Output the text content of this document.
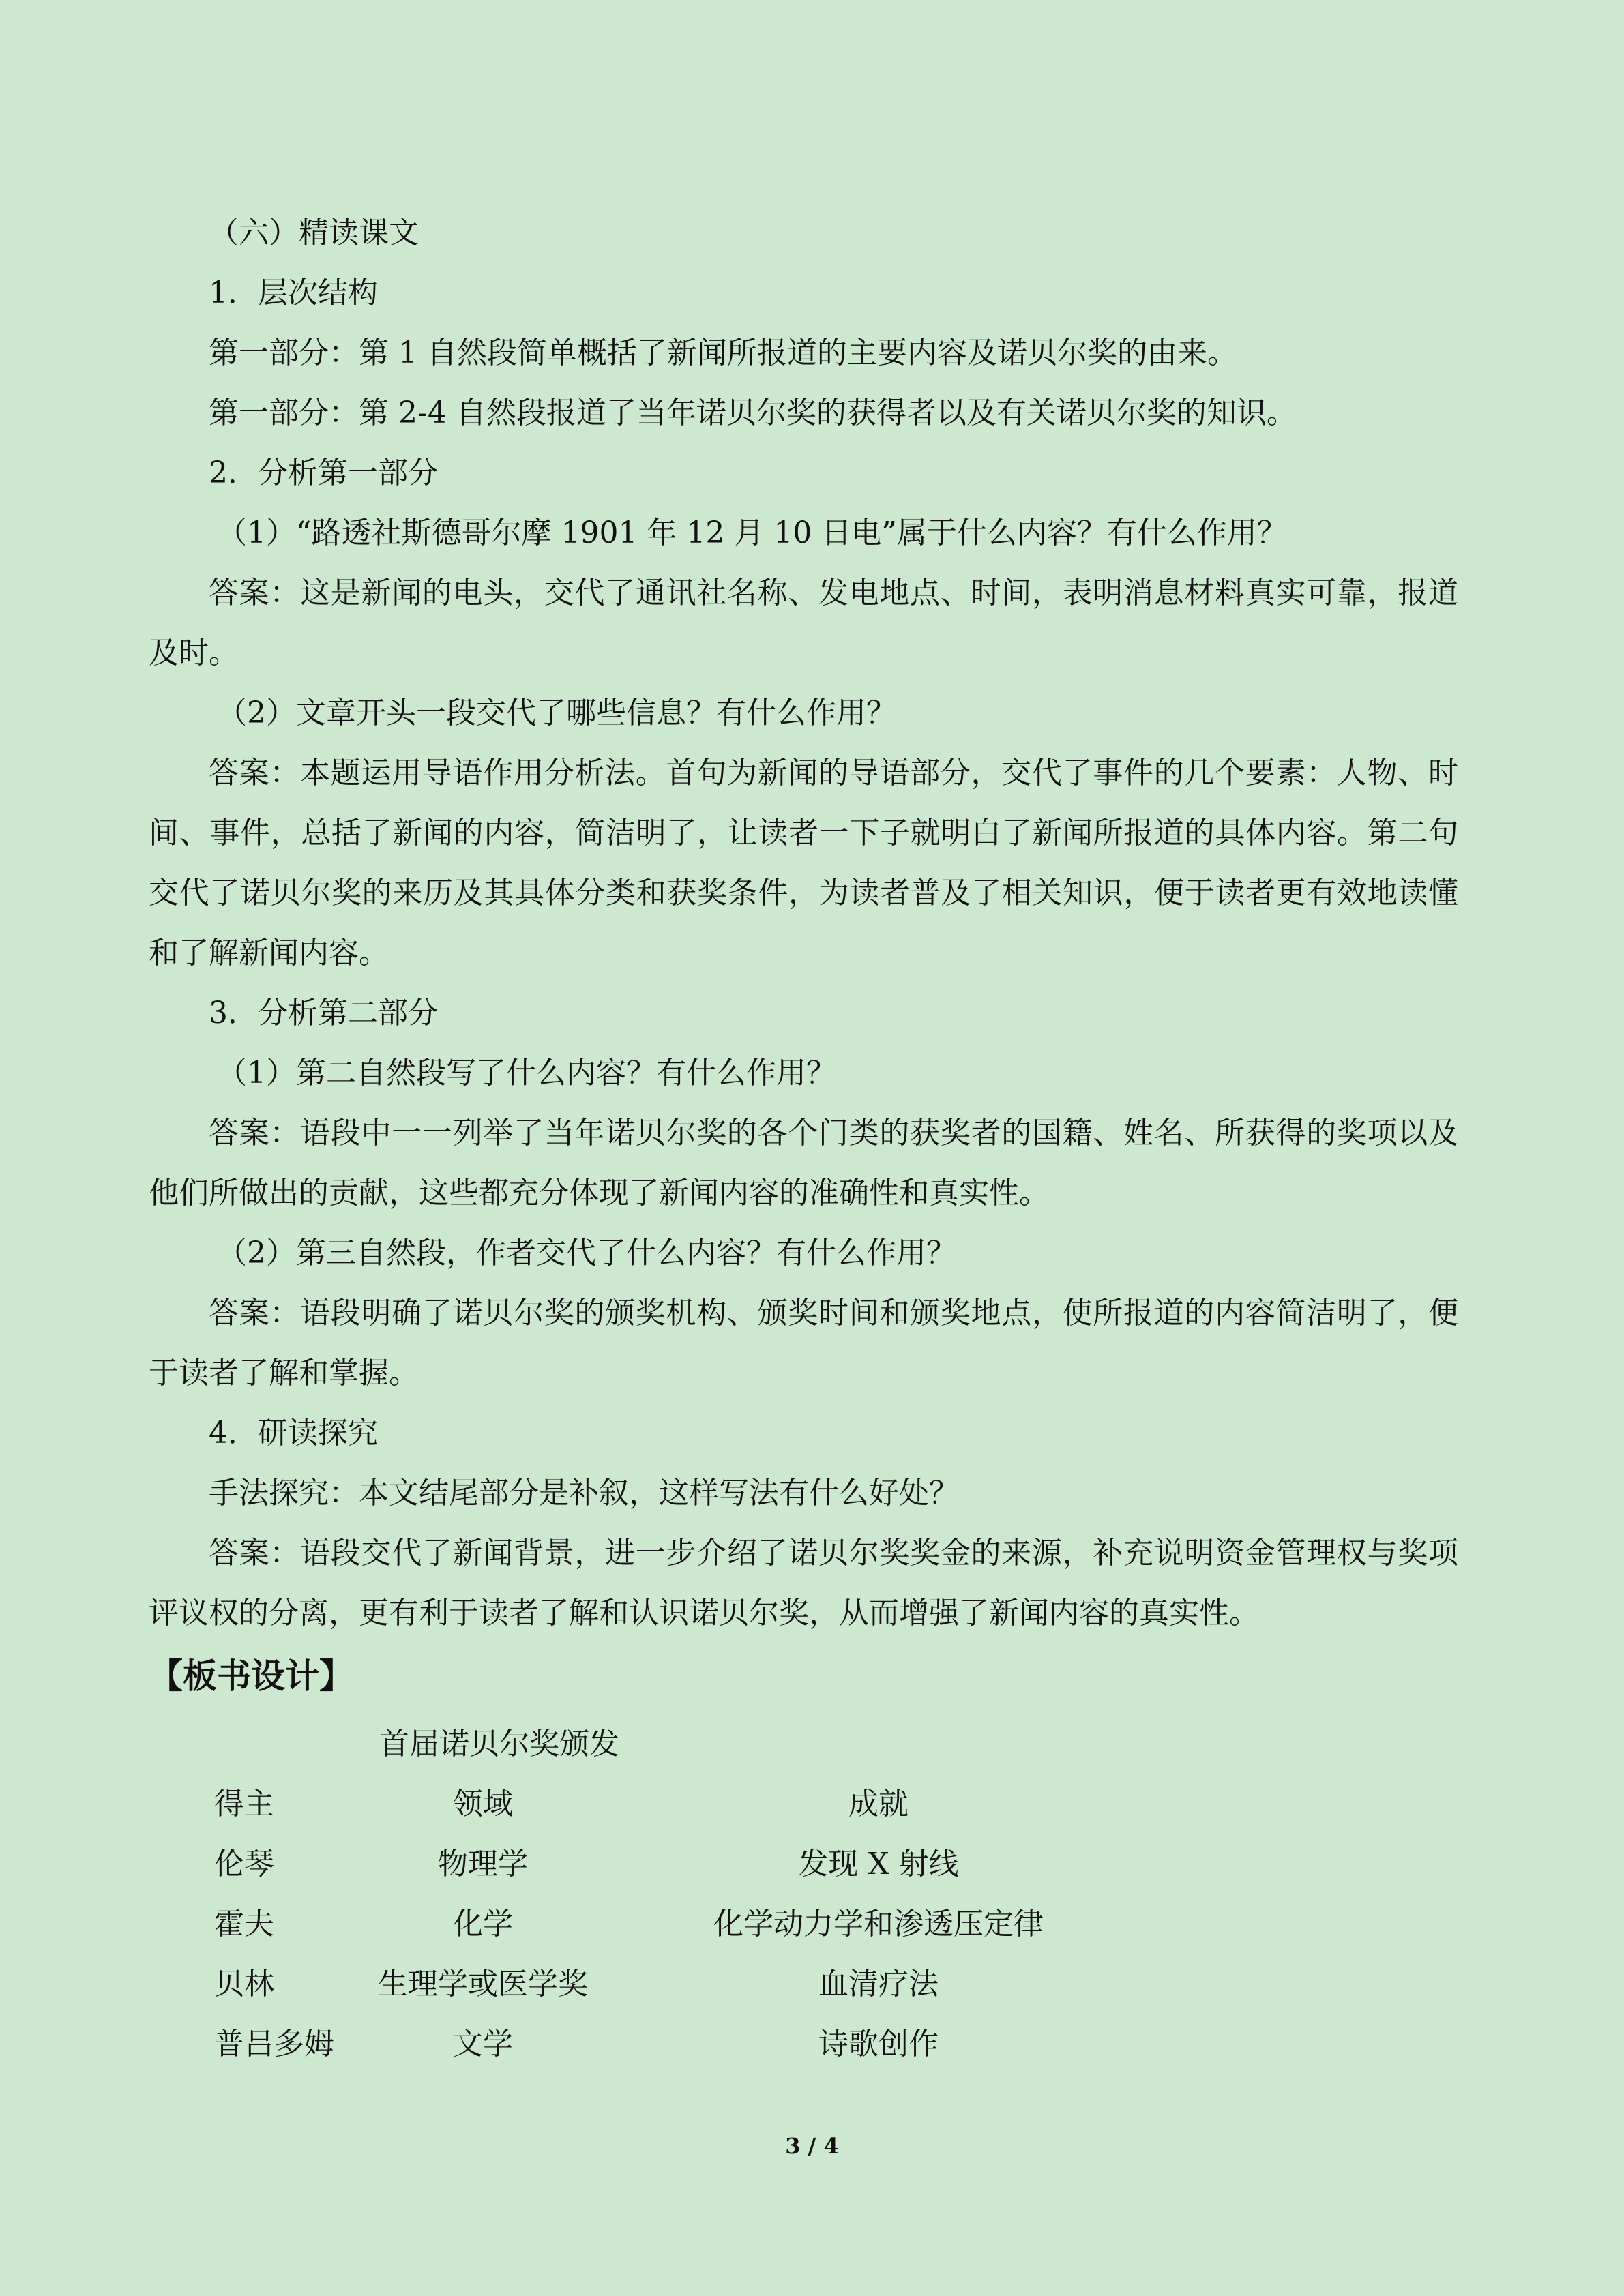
（六）精读课文

1．层次结构

第一部分：第 1 自然段简单概括了新闻所报道的主要内容及诺贝尔奖的由来。

第一部分：第 2-4 自然段报道了当年诺贝尔奖的获得者以及有关诺贝尔奖的知识。

2．分析第一部分

（1）“路透社斯德哥尔摩 1901 年 12 月 10 日电”属于什么内容？有什么作用？

答案：这是新闻的电头，交代了通讯社名称、发电地点、时间，表明消息材料真实可靠，报道及时。

（2）文章开头一段交代了哪些信息？有什么作用？

答案：本题运用导语作用分析法。首句为新闻的导语部分，交代了事件的几个要素：人物、时间、事件，总括了新闻的内容，简洁明了，让读者一下子就明白了新闻所报道的具体内容。第二句交代了诺贝尔奖的来历及其具体分类和获奖条件，为读者普及了相关知识，便于读者更有效地读懂和了解新闻内容。

3．分析第二部分

（1）第二自然段写了什么内容？有什么作用？

答案：语段中一一列举了当年诺贝尔奖的各个门类的获奖者的国籍、姓名、所获得的奖项以及他们所做出的贡献，这些都充分体现了新闻内容的准确性和真实性。

（2）第三自然段，作者交代了什么内容？有什么作用？

答案：语段明确了诺贝尔奖的颁奖机构、颁奖时间和颁奖地点，使所报道的内容简洁明了，便于读者了解和掌握。

4．研读探究

手法探究：本文结尾部分是补叙，这样写法有什么好处？

答案：语段交代了新闻背景，进一步介绍了诺贝尔奖奖金的来源，补充说明资金管理权与奖项评议权的分离，更有利于读者了解和认识诺贝尔奖，从而增强了新闻内容的真实性。

【板书设计】

首届诺贝尔奖颁发
得主	领域	成就
伦琴	物理学	发现 X 射线
霍夫	化学	化学动力学和渗透压定律
贝林	生理学或医学奖	血清疗法
普吕多姆	文学	诗歌创作
3 / 4
